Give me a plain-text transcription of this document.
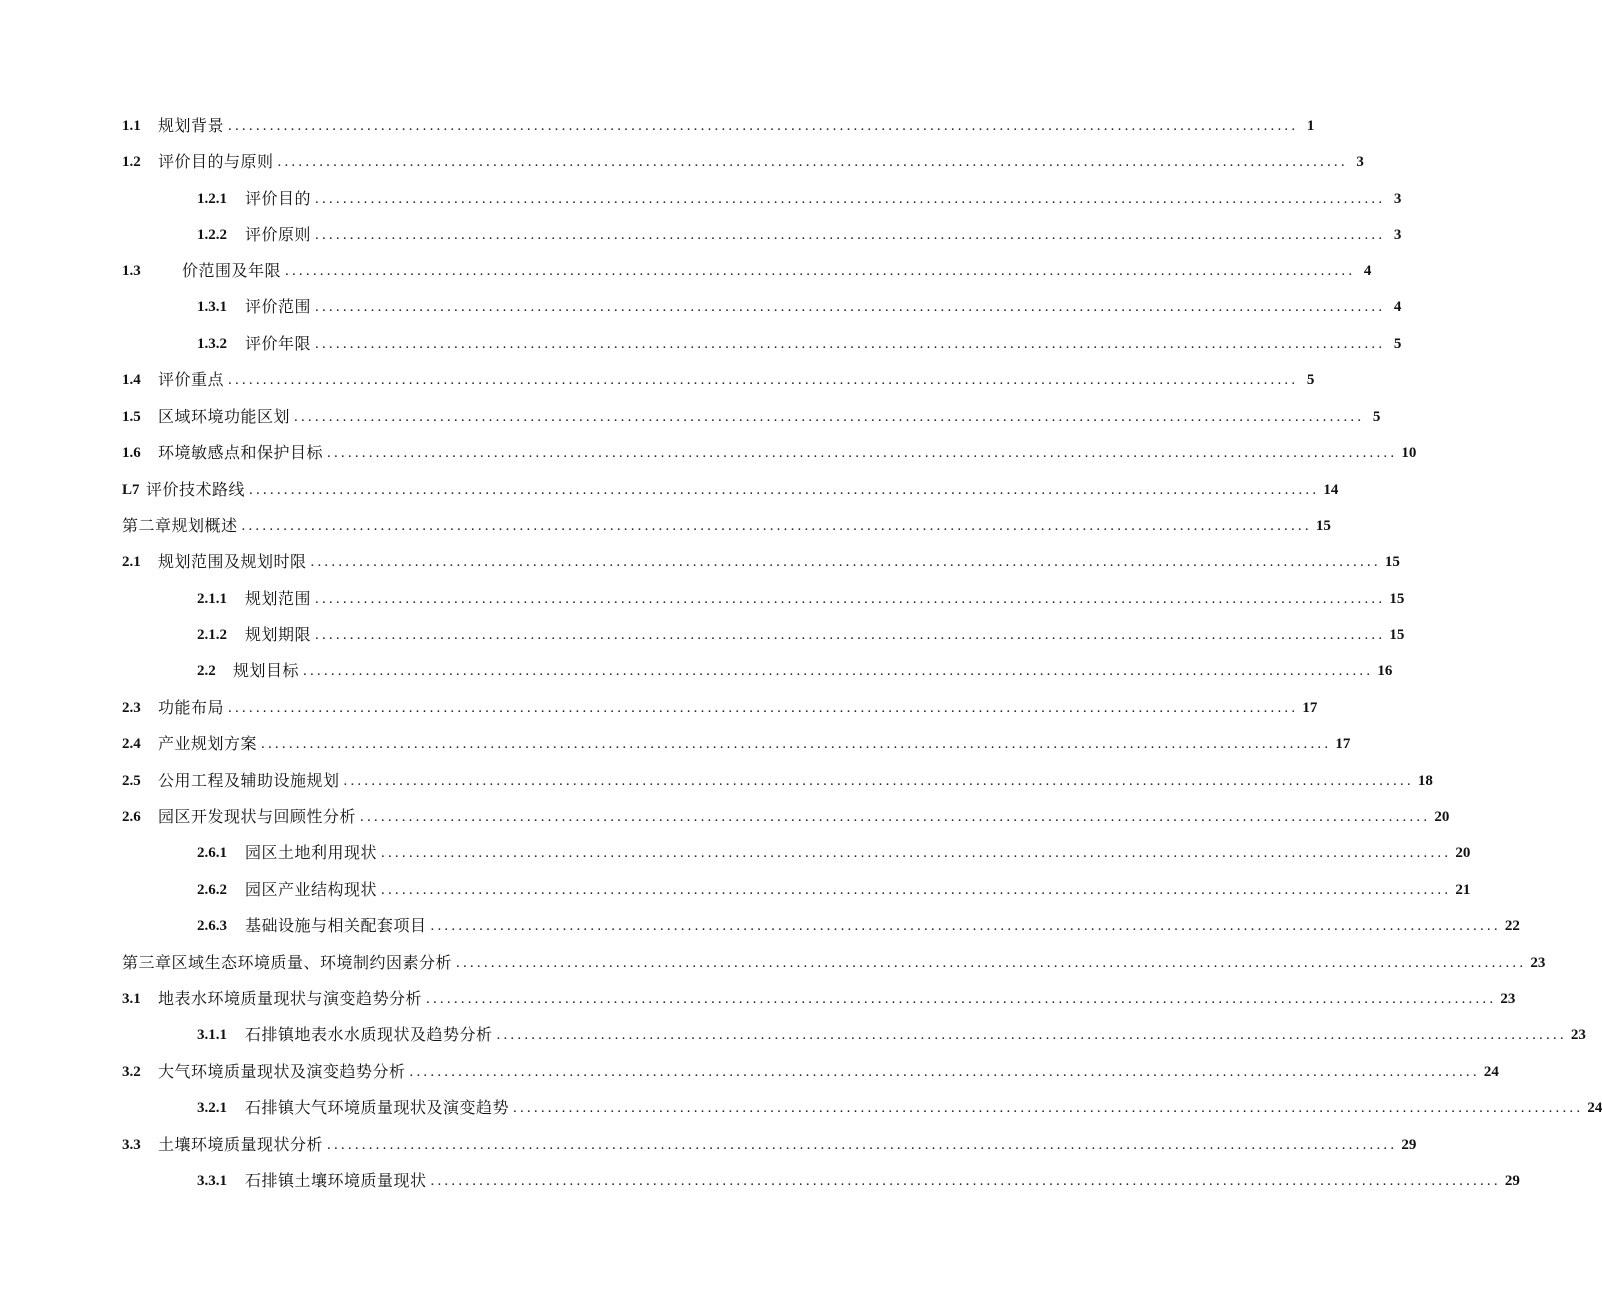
1.1	规划背景 .......................................................................................................................................................... 1
1.2	评价目的与原则 .......................................................................................................................................................... 3
1.2.1	评价目的 .......................................................................................................................................................... 3
1.2.2	评价原则 .......................................................................................................................................................... 3
1.3	价范围及年限 .......................................................................................................................................................... 4
1.3.1	评价范围 .......................................................................................................................................................... 4
1.3.2	评价年限 .......................................................................................................................................................... 5
1.4	评价重点 .......................................................................................................................................................... 5
1.5	区域环境功能区划 .......................................................................................................................................................... 5
1.6	环境敏感点和保护目标 .......................................................................................................................................................... 10
L7 评价技术路线 .......................................................................................................................................................... 14
第二章规划概述 .......................................................................................................................................................... 15
2.1	规划范围及规划时限 .......................................................................................................................................................... 15
2.1.1	规划范围 .......................................................................................................................................................... 15
2.1.2	规划期限 .......................................................................................................................................................... 15
2.2	规划目标 .......................................................................................................................................................... 16
2.3	功能布局 .......................................................................................................................................................... 17
2.4	产业规划方案 .......................................................................................................................................................... 17
2.5	公用工程及辅助设施规划 .......................................................................................................................................................... 18
2.6	园区开发现状与回顾性分析 .......................................................................................................................................................... 20
2.6.1	园区土地利用现状 .......................................................................................................................................................... 20
2.6.2	园区产业结构现状 .......................................................................................................................................................... 21
2.6.3	基础设施与相关配套项目 .......................................................................................................................................................... 22
第三章区域生态环境质量、环境制约因素分析 .......................................................................................................................................................... 23
3.1	地表水环境质量现状与演变趋势分析 .......................................................................................................................................................... 23
3.1.1	石排镇地表水水质现状及趋势分析 .......................................................................................................................................................... 23
3.2	大气环境质量现状及演变趋势分析 .......................................................................................................................................................... 24
3.2.1	石排镇大气环境质量现状及演变趋势 .......................................................................................................................................................... 24
3.3	土壤环境质量现状分析 .......................................................................................................................................................... 29
3.3.1	石排镇土壤环境质量现状 .......................................................................................................................................................... 29
